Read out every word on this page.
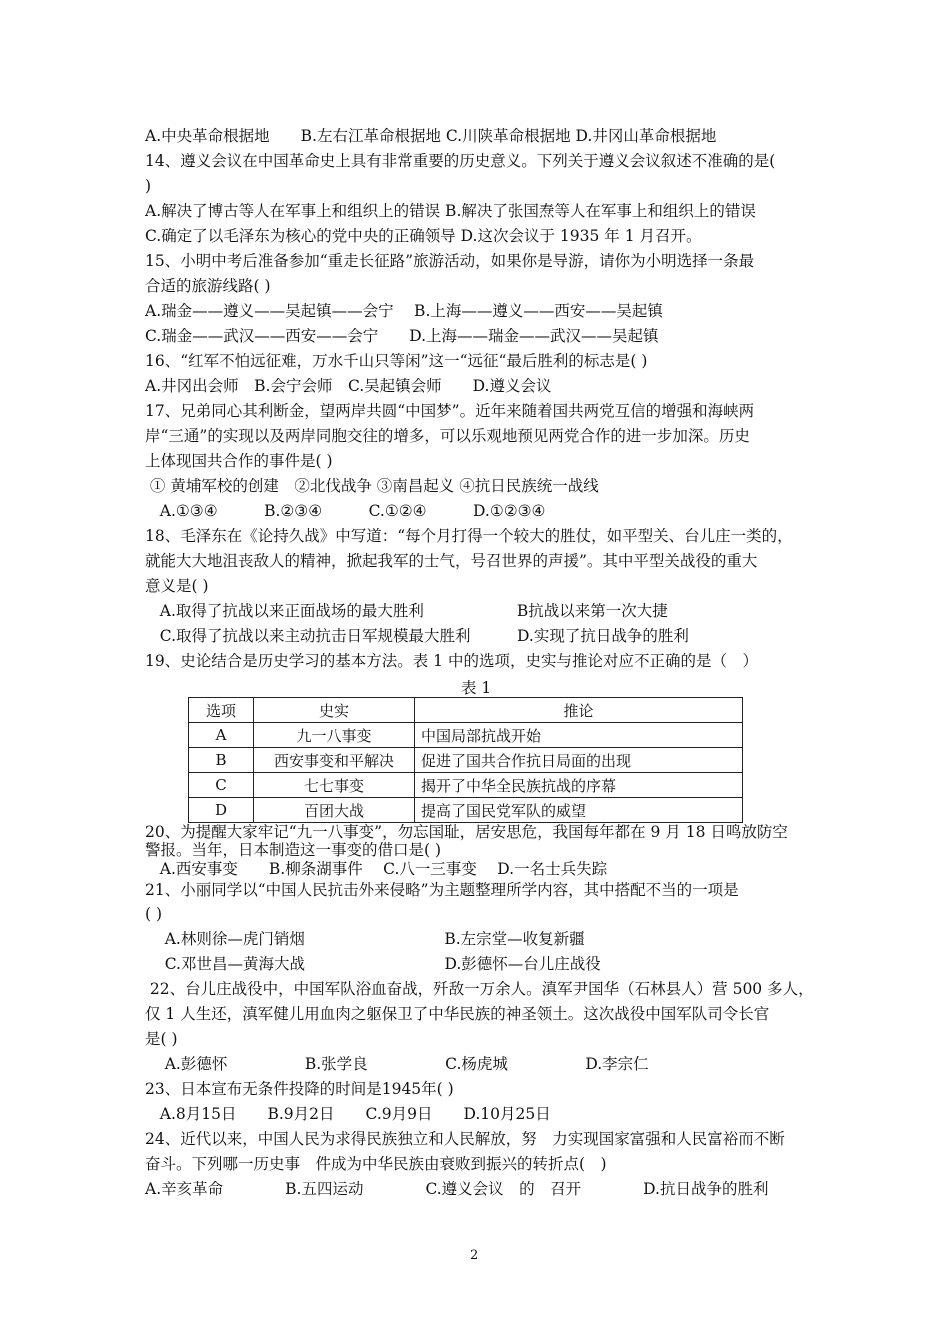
A.中央革命根据地　　B.左右江革命根据地 C.川陕革命根据地 D.井冈山革命根据地
14、遵义会议在中国革命史上具有非常重要的历史意义。下列关于遵义会议叙述不准确的是(
)
A.解决了博古等人在军事上和组织上的错误 B.解决了张国焘等人在军事上和组织上的错误
C.确定了以毛泽东为核心的党中央的正确领导 D.这次会议于 1935 年 1 月召开。
15、小明中考后准备参加“重走长征路”旅游活动，如果你是导游，请你为小明选择一条最
合适的旅游线路( )
A.瑞金——遵义——吴起镇——会宁　 B.上海——遵义——西安——吴起镇
C.瑞金——武汉——西安——会宁　　D.上海——瑞金——武汉——吴起镇
16、“红军不怕远征难，万水千山只等闲”这一“远征“最后胜利的标志是( )
A.井冈出会师　B.会宁会师　C.吴起镇会师　　D.遵义会议
17、兄弟同心其利断金，望两岸共圆“中国梦”。近年来随着国共两党互信的增强和海峡两
岸“三通”的实现以及两岸同胞交往的增多，可以乐观地预见两党合作的进一步加深。历史
上体现国共合作的事件是( )
① 黄埔军校的创建　②北伐战争 ③南昌起义 ④抗日民族统一战线
A.①③④　　　B.②③④　　　C.①②④　　　D.①②③④
18、毛泽东在《论持久战》中写道：“每个月打得一个较大的胜仗，如平型关、台儿庄一类的，
就能大大地沮丧敌人的精神，掀起我军的士气，号召世界的声援”。其中平型关战役的重大
意义是( )
A.取得了抗战以来正面战场的最大胜利　　　　　　B抗战以来第一次大捷
C.取得了抗战以来主动抗击日军规模最大胜利　　　D.实现了抗日战争的胜利
19、史论结合是历史学习的基本方法。表 1 中的选项，史实与推论对应不正确的是（　）
表 1
选项	史实	推论
A	九一八事变	中国局部抗战开始
B	西安事变和平解决	促进了国共合作抗日局面的出现
C	七七事变	揭开了中华全民族抗战的序幕
D	百团大战	提高了国民党军队的威望
20、为提醒大家牢记“九一八事变”，勿忘国耻，居安思危，我国每年都在 9 月 18 日鸣放防空
警报。当年，日本制造这一事变的借口是( )
A.西安事变　　B.柳条湖事件　 C.八一三事变　 D.一名士兵失踪
21、小丽同学以“中国人民抗击外来侵略”为主题整理所学内容，其中搭配不当的一项是
( )
A.林则徐—虎门销烟　　　　　　　　　B.左宗堂—收复新疆
C.邓世昌—黄海大战　　　　　　　　　D.彭德怀—台儿庄战役
22、台儿庄战役中，中国军队浴血奋战，歼敌一万余人。滇军尹国华（石林县人）营 500 多人，
仅 1 人生还，滇军健儿用血肉之躯保卫了中华民族的神圣领土。这次战役中国军队司令长官
是( )
A.彭德怀　　　　　B.张学良　　　　　C.杨虎城　　　　　D.李宗仁
23、日本宣布无条件投降的时间是1945年( )
A.8月15日　　B.9月2日　　C.9月9日　　D.10月25日
24、近代以来，中国人民为求得民族独立和人民解放，努　力实现国家富强和人民富裕而不断
奋斗。下列哪一历史事　件成为中华民族由衰败到振兴的转折点(　)
A.辛亥革命　　　　B.五四运动　　　　C.遵义会议　的　召开　　　　D.抗日战争的胜利
2
